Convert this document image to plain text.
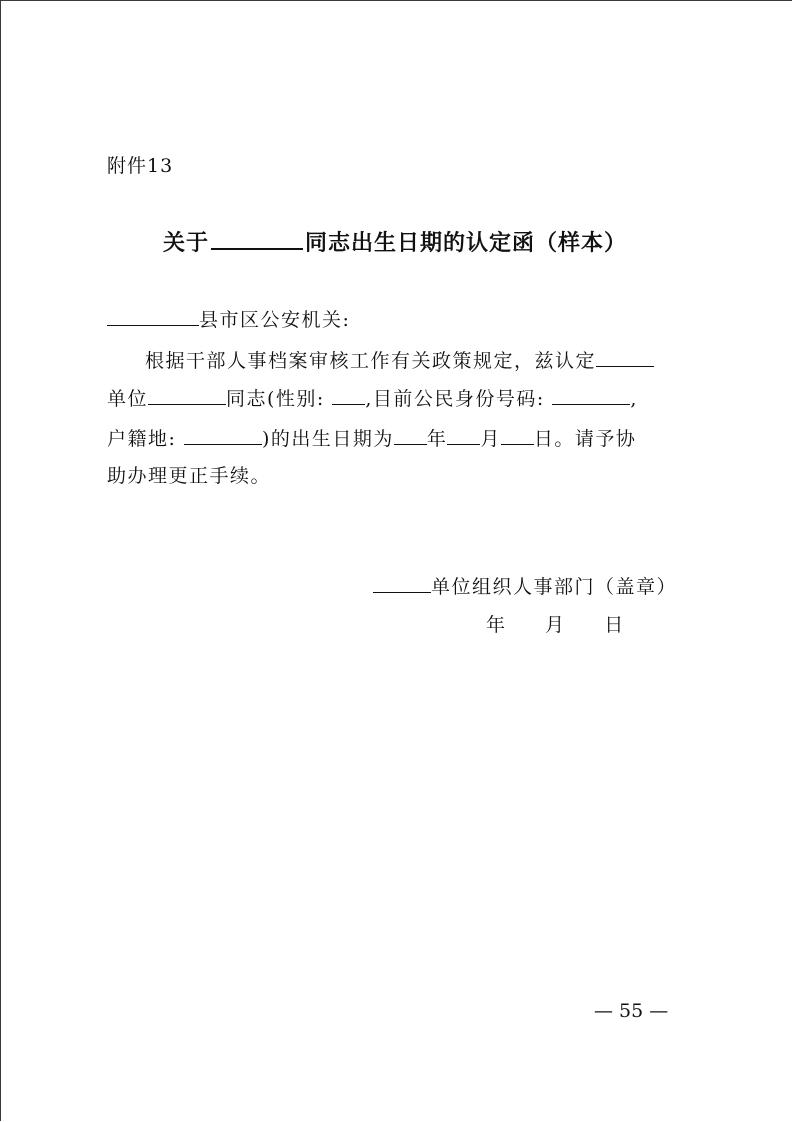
附件13
关于	同志出生日期的认定函（样本）
县市区公安机关:
根据干部人事档案审核工作有关政策规定，兹认定
单位	同志(性别: ,目前公民身份号码:	,
户籍地:	)的出生日期为 年 月 日。请予协
助办理更正手续。
单位组织人事部门（盖章）
年 月 日
— 55 —
